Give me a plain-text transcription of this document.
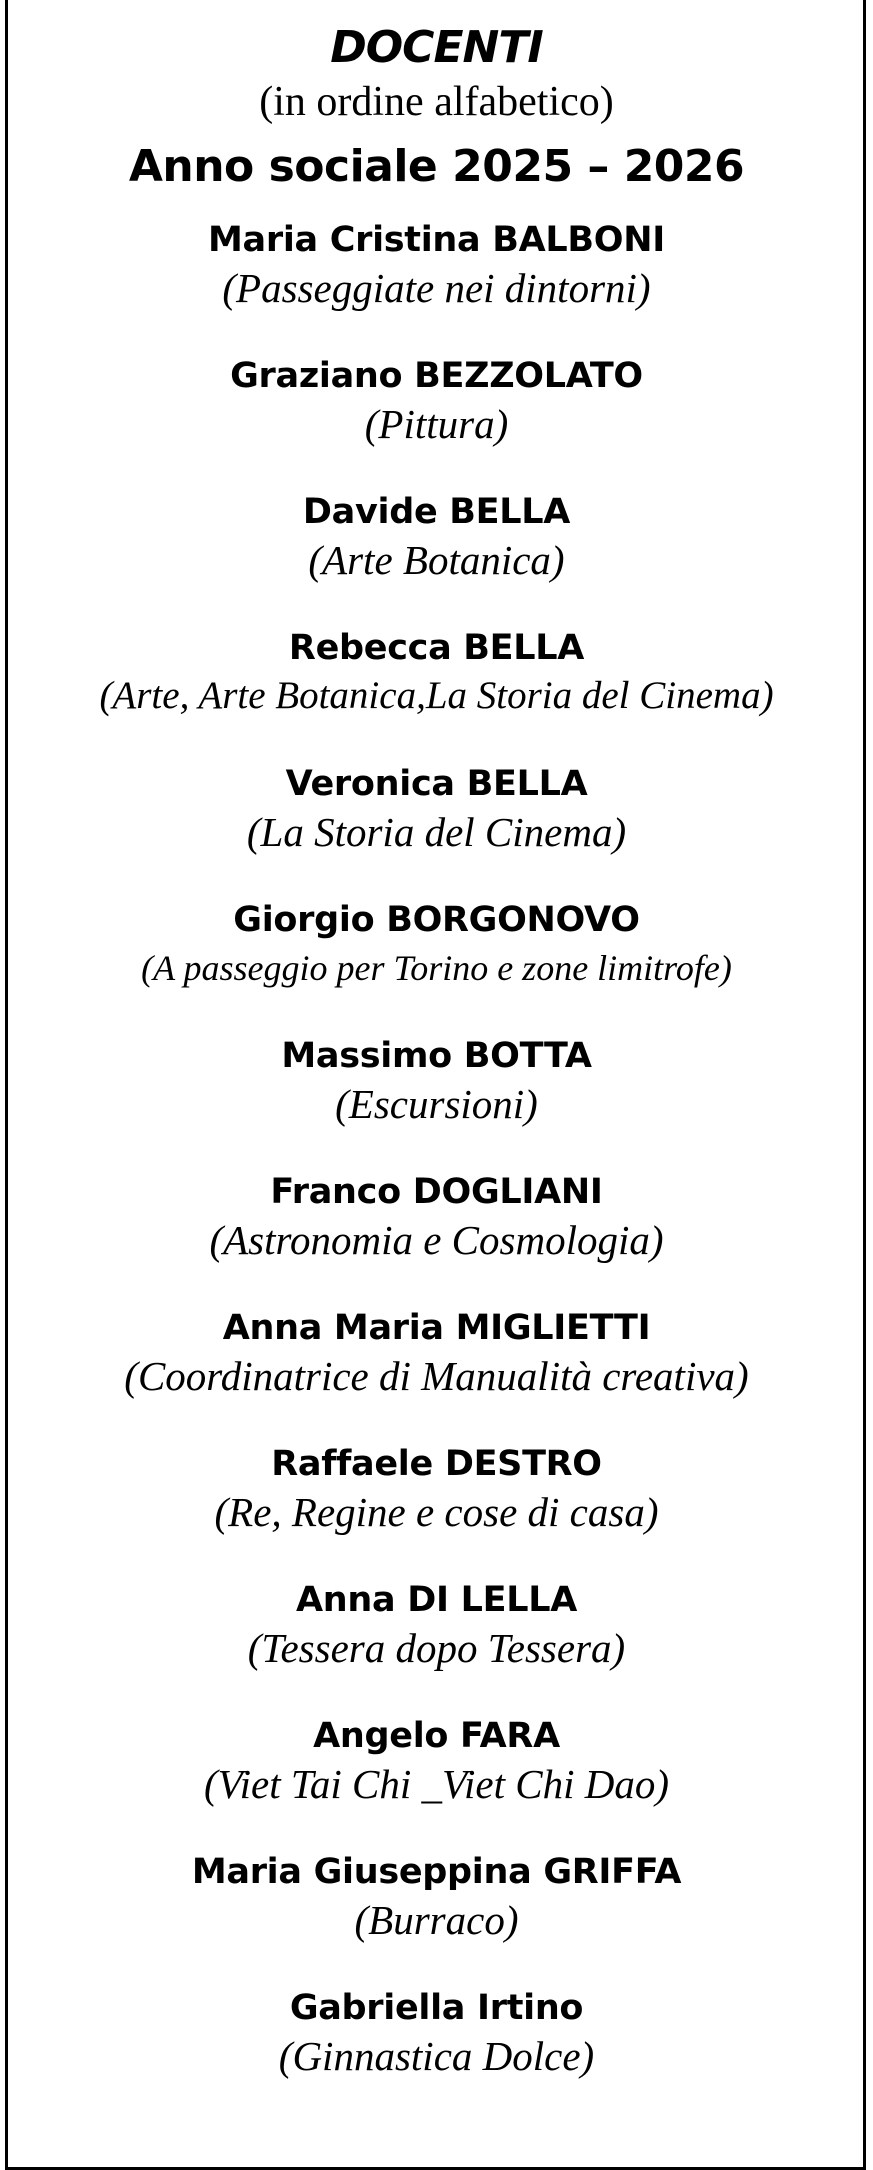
DOCENTI

(in ordine alfabetico)

Anno sociale 2025 – 2026
Maria Cristina BALBONI
(Passeggiate nei dintorni)
Graziano BEZZOLATO
(Pittura)
Davide BELLA
(Arte Botanica)
Rebecca BELLA
(Arte, Arte Botanica,La Storia del Cinema)
Veronica BELLA
(La Storia del Cinema)
Giorgio BORGONOVO
(A passeggio per Torino e zone limitrofe)
Massimo BOTTA
(Escursioni)
Franco DOGLIANI
(Astronomia e Cosmologia)
Anna Maria MIGLIETTI
(Coordinatrice di Manualità creativa)
Raffaele DESTRO
(Re, Regine e cose di casa)
Anna DI LELLA
(Tessera dopo Tessera)
Angelo FARA
(Viet Tai Chi _Viet Chi Dao)
Maria Giuseppina GRIFFA
(Burraco)
Gabriella Irtino
(Ginnastica Dolce)
